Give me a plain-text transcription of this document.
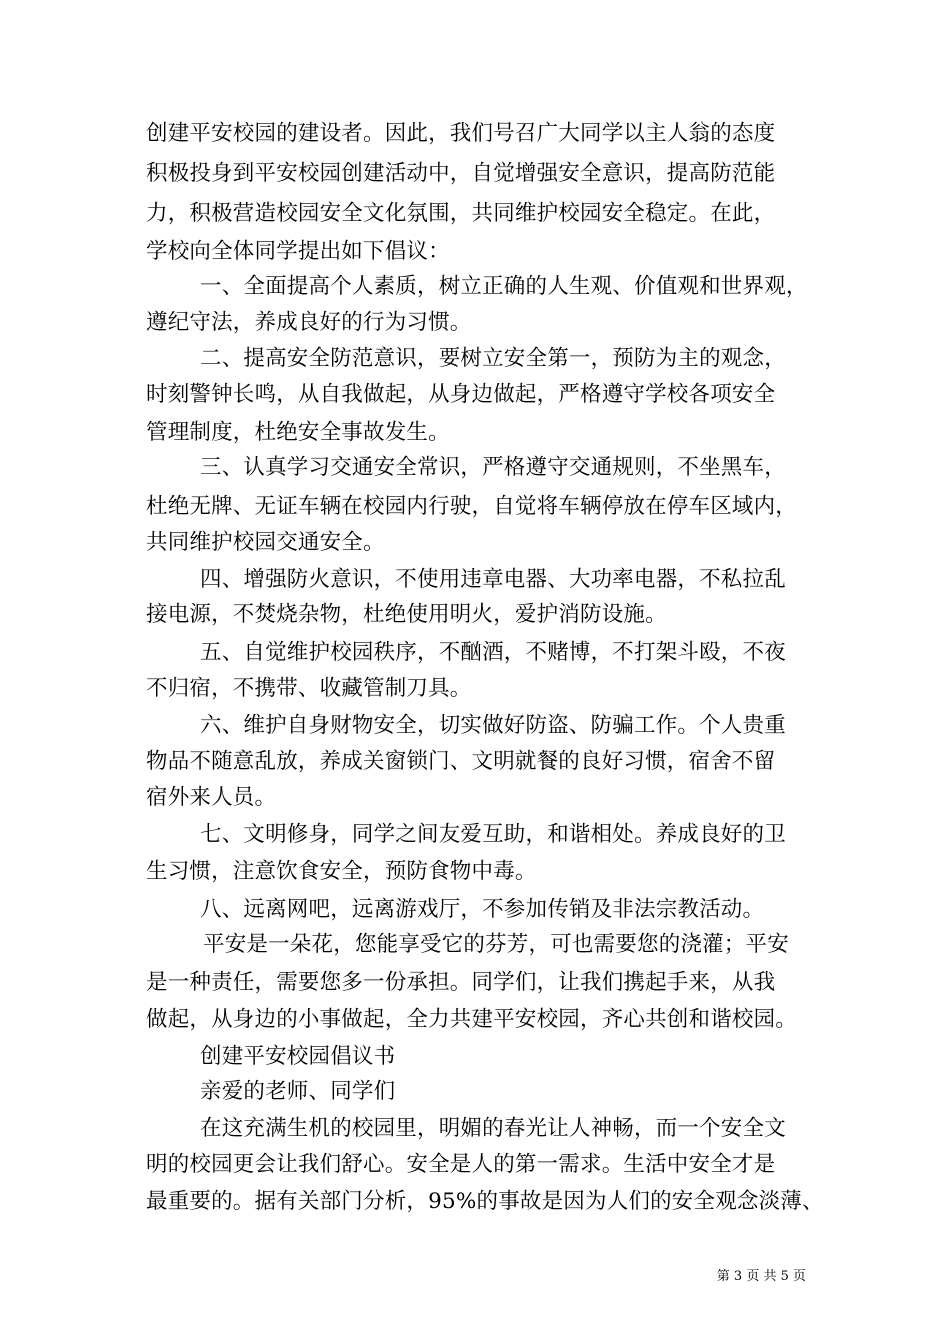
创建平安校园的建设者。因此，我们号召广大同学以主人翁的态度
积极投身到平安校园创建活动中，自觉增强安全意识，提高防范能
力，积极营造校园安全文化氛围，共同维护校园安全稳定。在此，
学校向全体同学提出如下倡议：
一、全面提高个人素质，树立正确的人生观、价值观和世界观，
遵纪守法，养成良好的行为习惯。
二、提高安全防范意识，要树立安全第一，预防为主的观念，
时刻警钟长鸣，从自我做起，从身边做起，严格遵守学校各项安全
管理制度，杜绝安全事故发生。
三、认真学习交通安全常识，严格遵守交通规则，不坐黑车，
杜绝无牌、无证车辆在校园内行驶，自觉将车辆停放在停车区域内，
共同维护校园交通安全。
四、增强防火意识，不使用违章电器、大功率电器，不私拉乱
接电源，不焚烧杂物，杜绝使用明火，爱护消防设施。
五、自觉维护校园秩序，不酗酒，不赌博，不打架斗殴，不夜
不归宿，不携带、收藏管制刀具。
六、维护自身财物安全，切实做好防盗、防骗工作。个人贵重
物品不随意乱放，养成关窗锁门、文明就餐的良好习惯，宿舍不留
宿外来人员。
七、文明修身，同学之间友爱互助，和谐相处。养成良好的卫
生习惯，注意饮食安全，预防食物中毒。
八、远离网吧，远离游戏厅，不参加传销及非法宗教活动。
平安是一朵花，您能享受它的芬芳，可也需要您的浇灌；平安
是一种责任，需要您多一份承担。同学们，让我们携起手来，从我
做起，从身边的小事做起，全力共建平安校园，齐心共创和谐校园。
创建平安校园倡议书
亲爱的老师、同学们
在这充满生机的校园里，明媚的春光让人神畅，而一个安全文
明的校园更会让我们舒心。安全是人的第一需求。生活中安全才是
最重要的。据有关部门分析，95%的事故是因为人们的安全观念淡薄、
第 3 页 共 5 页
